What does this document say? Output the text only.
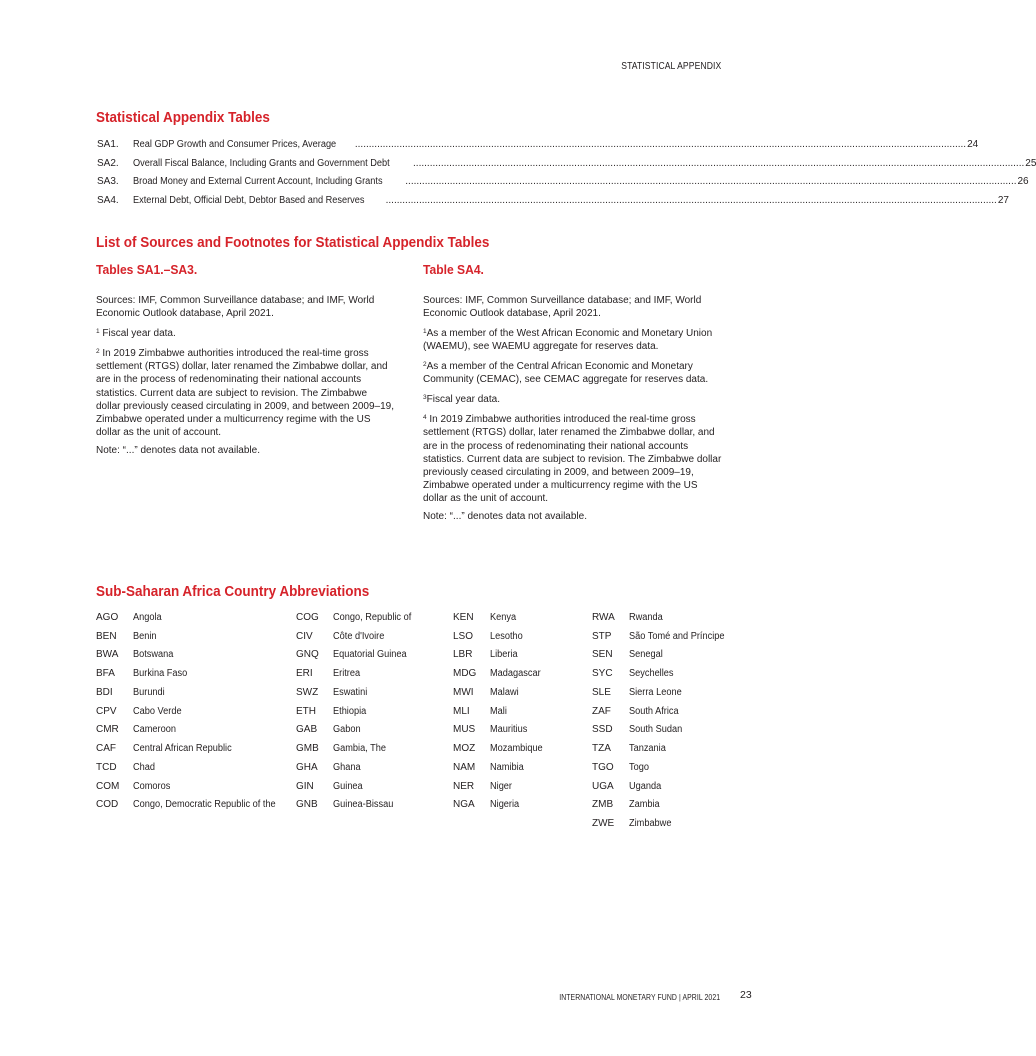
STATISTICAL APPENDIX
Statistical Appendix Tables
SA1.	Real GDP Growth and Consumer Prices, Average ............................................................................................................................................................................................................................ 24
SA2.	Overall Fiscal Balance, Including Grants and Government Debt ............................................................................................................................................................................................................................ 25
SA3.	Broad Money and External Current Account, Including Grants ............................................................................................................................................................................................................................ 26
SA4.	External Debt, Official Debt, Debtor Based and Reserves ............................................................................................................................................................................................................................ 27
List of Sources and Footnotes for Statistical Appendix Tables
Tables SA1.–SA3.

Sources: IMF, Common Surveillance database; and IMF, World Economic Outlook database, April 2021.

$^1$ Fiscal year data.

$^2$ In 2019 Zimbabwe authorities introduced the real-time gross settlement (RTGS) dollar, later renamed the Zimbabwe dollar, and are in the process of redenominating their national accounts statistics. Current data are subject to revision. The Zimbabwe dollar previously ceased circulating in 2009, and between 2009–19, Zimbabwe operated under a multicurrency regime with the US dollar as the unit of account.

Note: “...” denotes data not available.

Table SA4.

Sources: IMF, Common Surveillance database; and IMF, World Economic Outlook database, April 2021.

$^1$As a member of the West African Economic and Monetary Union (WAEMU), see WAEMU aggregate for reserves data.

$^2$As a member of the Central African Economic and Monetary Community (CEMAC), see CEMAC aggregate for reserves data.

$^3$Fiscal year data.

$^4$ In 2019 Zimbabwe authorities introduced the real-time gross settlement (RTGS) dollar, later renamed the Zimbabwe dollar, and are in the process of redenominating their national accounts statistics. Current data are subject to revision. The Zimbabwe dollar previously ceased circulating in 2009, and between 2009–19, Zimbabwe operated under a multicurrency regime with the US dollar as the unit of account.

Note: “...” denotes data not available.

Sub-Saharan Africa Country Abbreviations
AGO	Angola
BEN	Benin
BWA	Botswana
BFA	Burkina Faso
BDI	Burundi
CPV	Cabo Verde
CMR	Cameroon
CAF	Central African Republic
TCD	Chad
COM	Comoros
COD	Congo, Democratic Republic of the
COG	Congo, Republic of
CIV	Côte d'Ivoire
GNQ	Equatorial Guinea
ERI	Eritrea
SWZ	Eswatini
ETH	Ethiopia
GAB	Gabon
GMB	Gambia, The
GHA	Ghana
GIN	Guinea
GNB	Guinea-Bissau
KEN	Kenya
LSO	Lesotho
LBR	Liberia
MDG	Madagascar
MWI	Malawi
MLI	Mali
MUS	Mauritius
MOZ	Mozambique
NAM	Namibia
NER	Niger
NGA	Nigeria
RWA	Rwanda
STP	São Tomé and Príncipe
SEN	Senegal
SYC	Seychelles
SLE	Sierra Leone
ZAF	South Africa
SSD	South Sudan
TZA	Tanzania
TGO	Togo
UGA	Uganda
ZMB	Zambia
ZWE	Zimbabwe
INTERNATIONAL MONETARY FUND | APRIL 2021 23
